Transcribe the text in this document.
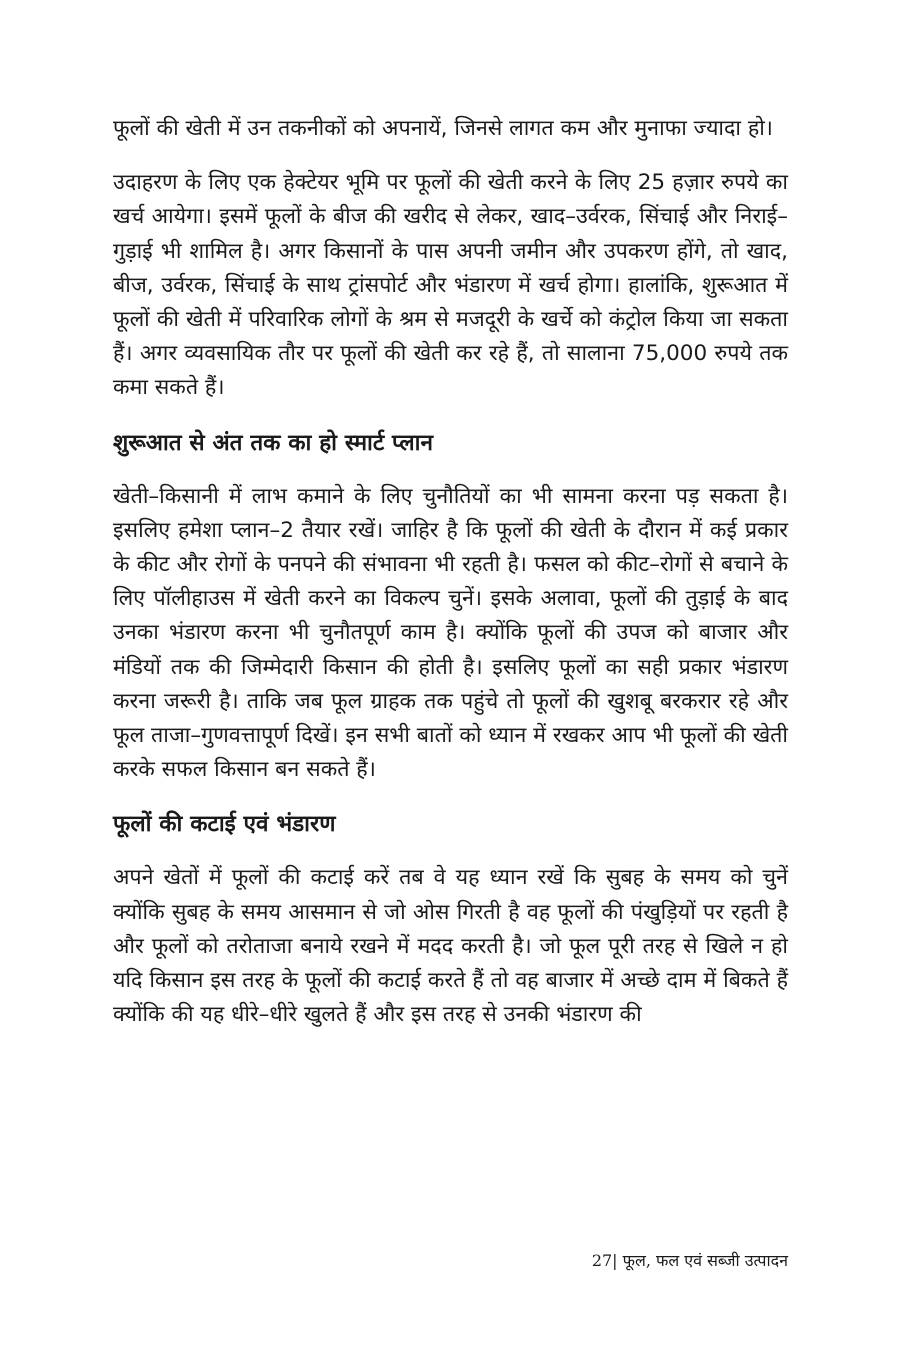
फूलों की खेती में उन तकनीकों को अपनायें, जिनसे लागत कम और मुनाफा ज्यादा हो।

उदाहरण के लिए एक हेक्टेयर भूमि पर फूलों की खेती करने के लिए 25 हज़ार रुपये का खर्च आयेगा। इसमें फूलों के बीज की खरीद से लेकर, खाद–उर्वरक, सिंचाई और निराई–गुड़ाई भी शामिल है। अगर किसानों के पास अपनी जमीन और उपकरण होंगे, तो खाद, बीज, उर्वरक, सिंचाई के साथ ट्रांसपोर्ट और भंडारण में खर्च होगा। हालांकि, शुरूआत में फूलों की खेती में परिवारिक लोगों के श्रम से मजदूरी के खर्चे को कंट्रोल किया जा सकता हैं। अगर व्यवसायिक तौर पर फूलों की खेती कर रहे हैं, तो सालाना 75,000 रुपये तक कमा सकते हैं।

शुरूआत से अंत तक का हो स्मार्ट प्लान

खेती–किसानी में लाभ कमाने के लिए चुनौतियों का भी सामना करना पड़ सकता है। इसलिए हमेशा प्लान–2 तैयार रखें। जाहिर है कि फूलों की खेती के दौरान में कई प्रकार के कीट और रोगों के पनपने की संभावना भी रहती है। फसल को कीट–रोगों से बचाने के लिए पॉलीहाउस में खेती करने का विकल्प चुनें। इसके अलावा, फूलों की तुड़ाई के बाद उनका भंडारण करना भी चुनौतपूर्ण काम है। क्योंकि फूलों की उपज को बाजार और मंडियों तक की जिम्मेदारी किसान की होती है। इसलिए फूलों का सही प्रकार भंडारण करना जरूरी है। ताकि जब फूल ग्राहक तक पहुंचे तो फूलों की खुशबू बरकरार रहे और फूल ताजा–गुणवत्तापूर्ण दिखें। इन सभी बातों को ध्यान में रखकर आप भी फूलों की खेती करके सफल किसान बन सकते हैं।

फूलों की कटाई एवं भंडारण

अपने खेतों में फूलों की कटाई करें तब वे यह ध्यान रखें कि सुबह के समय को चुनें क्योंकि सुबह के समय आसमान से जो ओस गिरती है वह फूलों की पंखुड़ियों पर रहती है और फूलों को तरोताजा बनाये रखने में मदद करती है। जो फूल पूरी तरह से खिले न हो यदि किसान इस तरह के फूलों की कटाई करते हैं तो वह बाजार में अच्छे दाम में बिकते हैं क्योंकि की यह धीरे–धीरे खुलते हैं और इस तरह से उनकी भंडारण की

27| फूल, फल एवं सब्जी उत्पादन
